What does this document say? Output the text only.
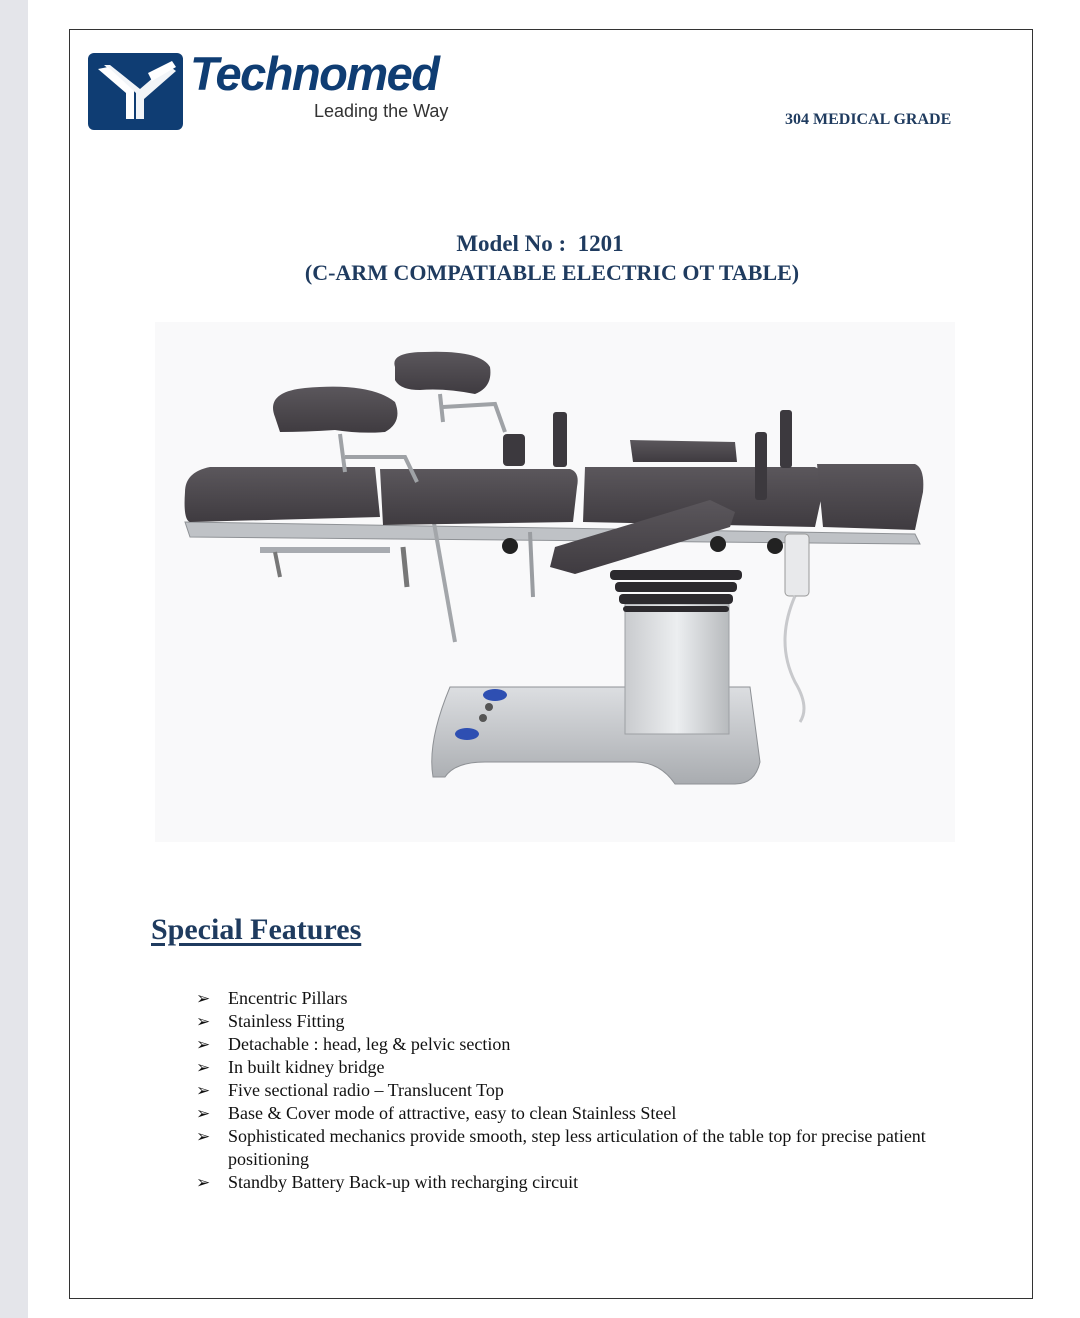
Technomed
Leading the Way	304 MEDICAL GRADE
Model No :  1201
(C-ARM COMPATIABLE ELECTRIC OT TABLE)
Special Features
➢ Encentric Pillars
➢ Stainless Fitting
➢ Detachable : head, leg & pelvic section
➢ In built kidney bridge
➢ Five sectional radio – Translucent Top
➢ Base & Cover mode of attractive, easy to clean Stainless Steel
➢ Sophisticated mechanics provide smooth, step less articulation of the table top for precise patient positioning
➢ Standby Battery Back-up with recharging circuit
